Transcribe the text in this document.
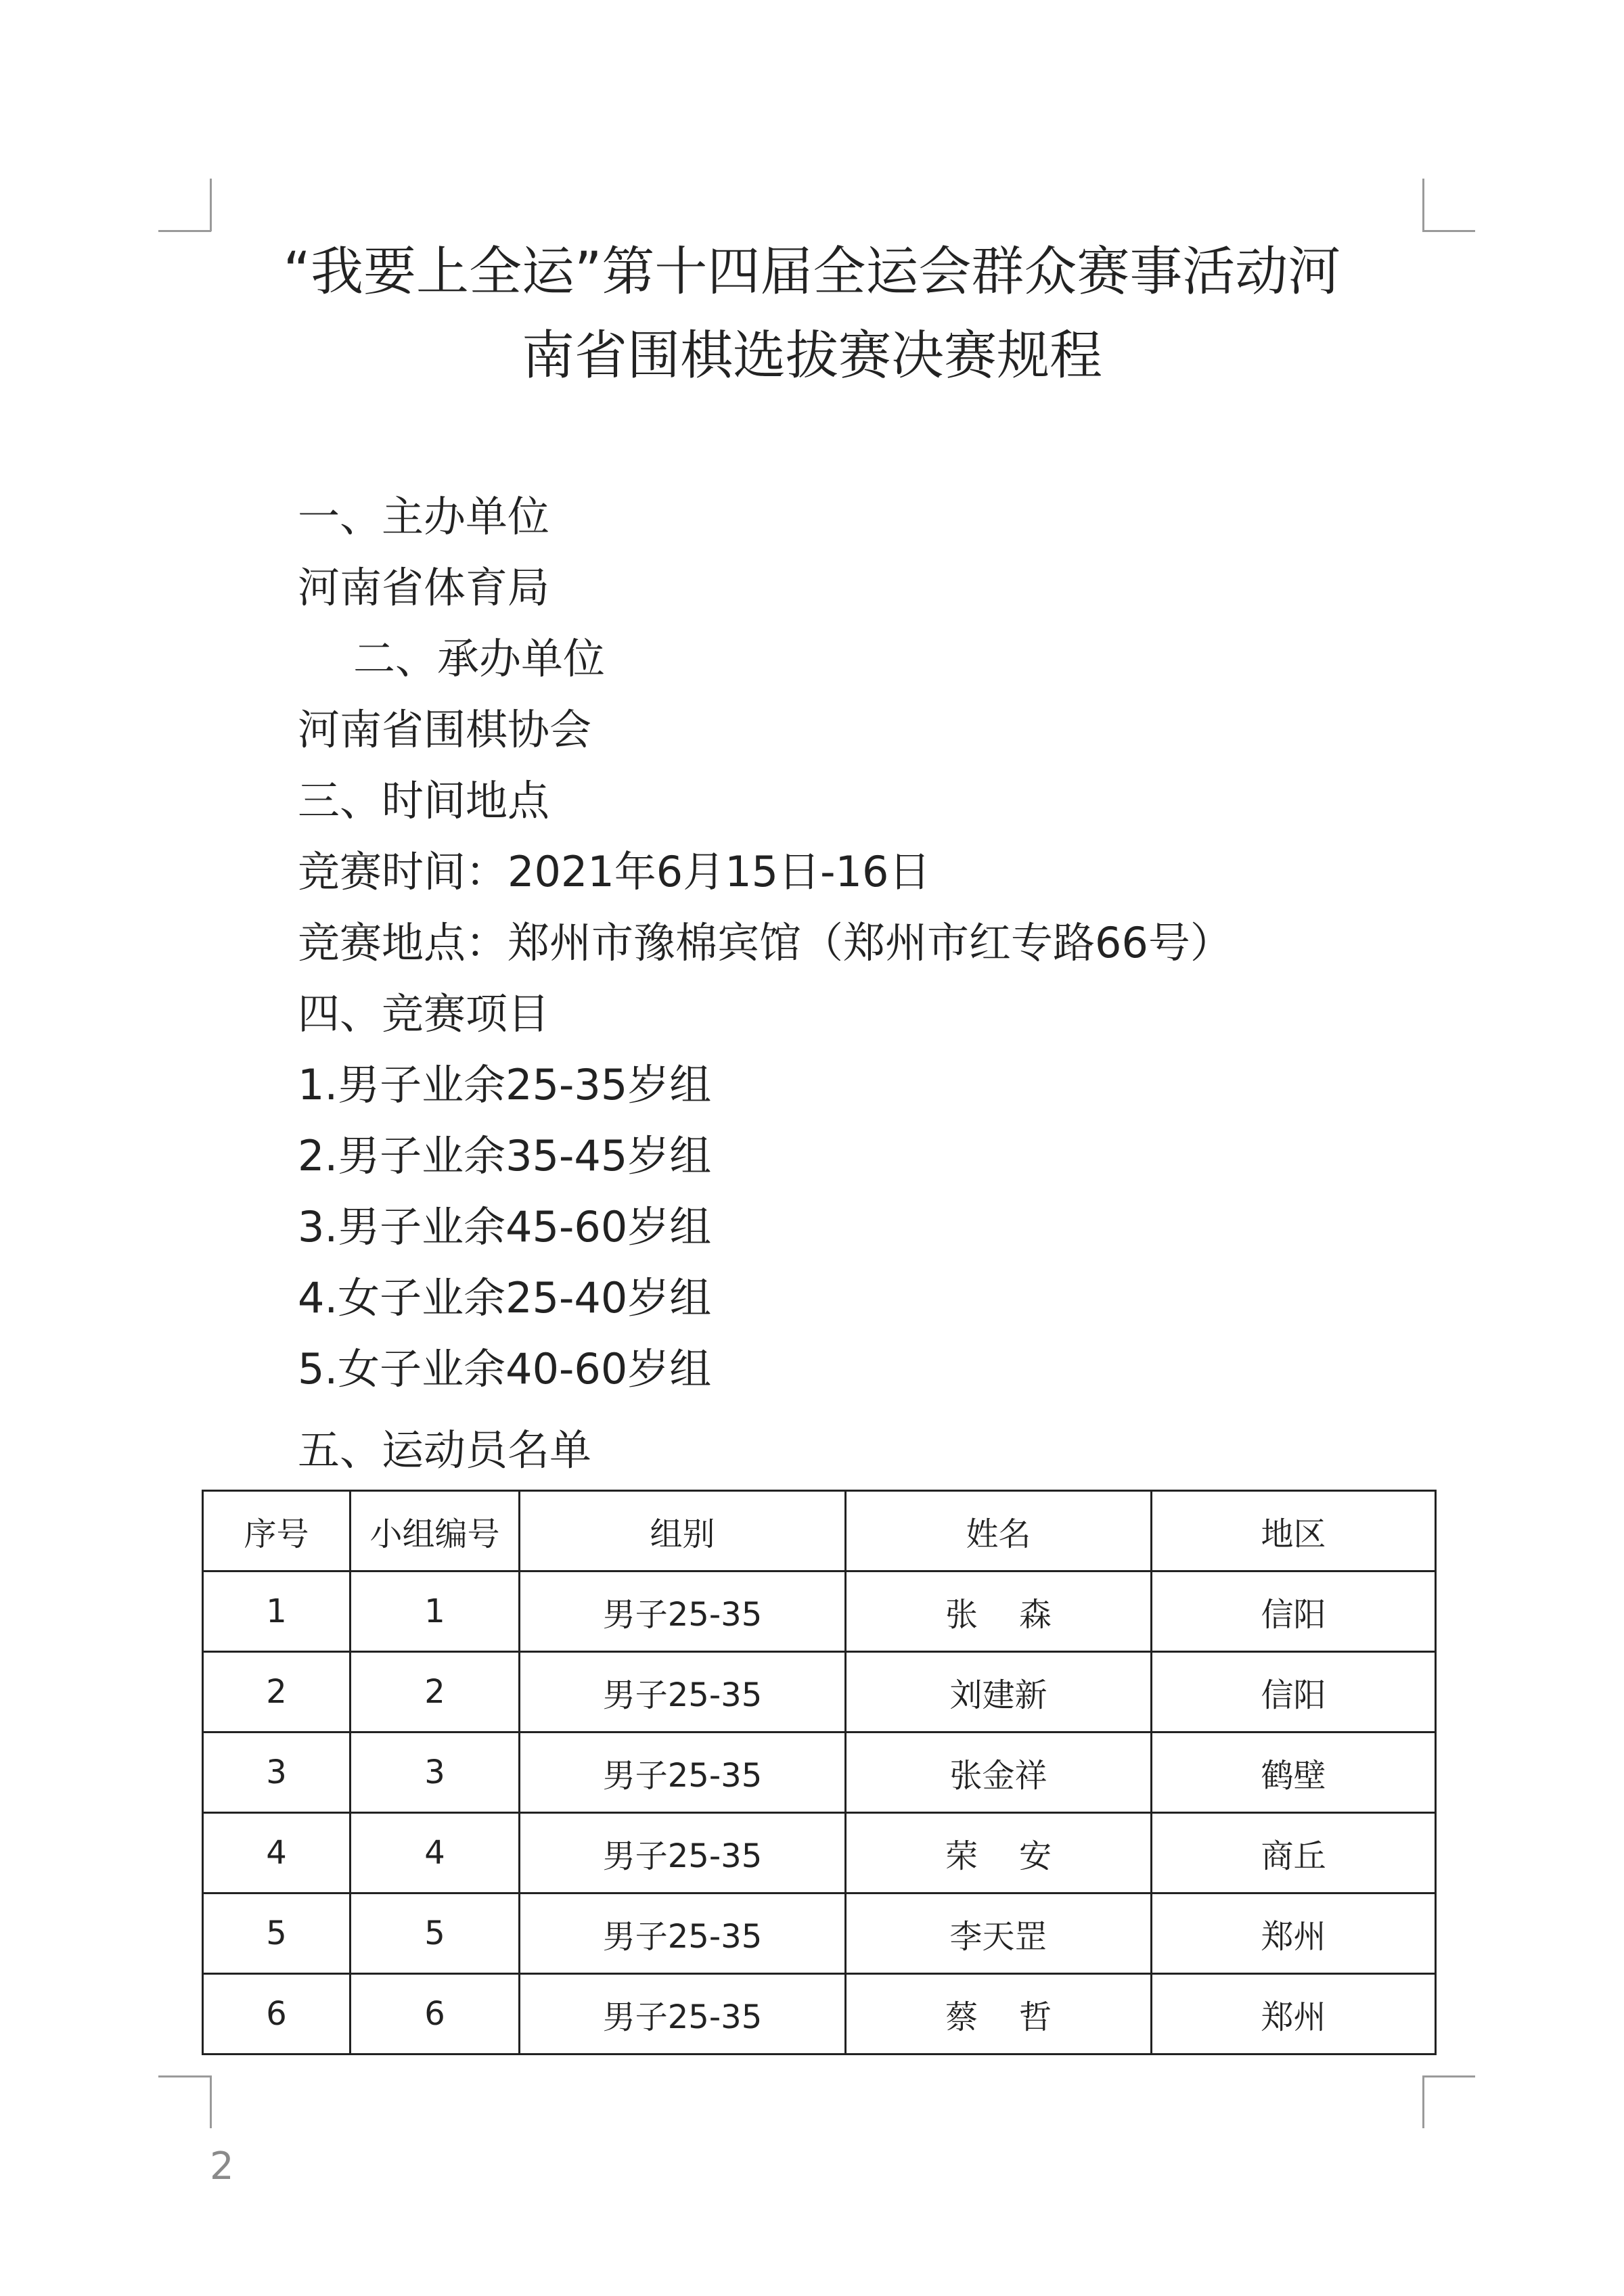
“我要上全运”第十四届全运会群众赛事活动河
南省围棋选拔赛决赛规程
一、主办单位
河南省体育局
二、承办单位
河南省围棋协会
三、时间地点
竞赛时间：2021年6月15日-16日
竞赛地点：郑州市豫棉宾馆（郑州市红专路66号）
四、竞赛项目
1.男子业余25-35岁组
2.男子业余35-45岁组
3.男子业余45-60岁组
4.女子业余25-40岁组
5.女子业余40-60岁组
五、运动员名单
序号	小组编号	组别	姓名	地区
1	1	男子25-35	张    森	信阳
2	2	男子25-35	刘建新	信阳
3	3	男子25-35	张金祥	鹤壁
4	4	男子25-35	荣    安	商丘
5	5	男子25-35	李天罡	郑州
6	6	男子25-35	蔡    哲	郑州
2
